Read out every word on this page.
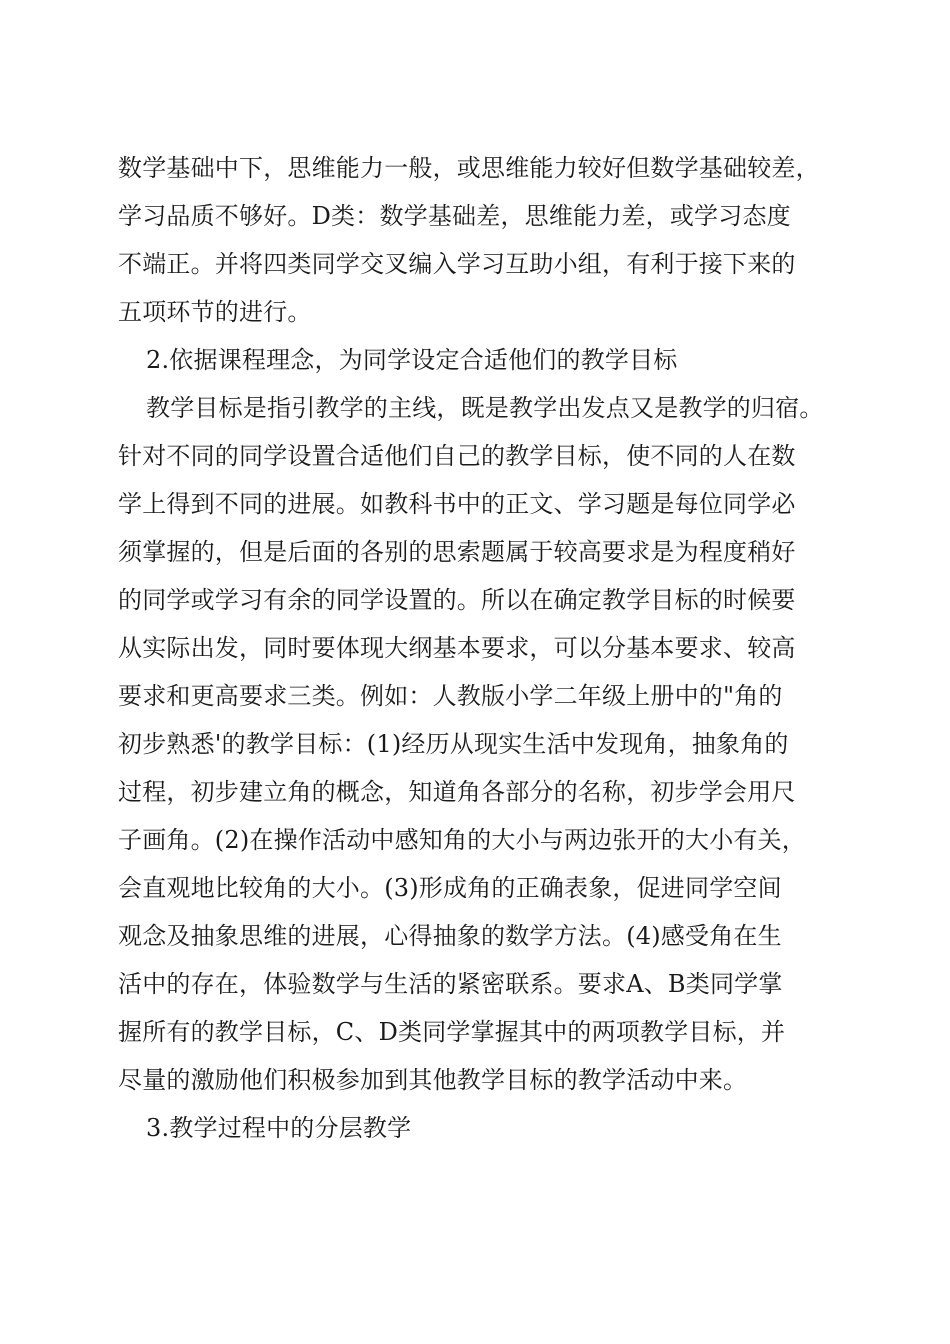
数学基础中下，思维能力一般，或思维能力较好但数学基础较差，
学习品质不够好。D类：数学基础差，思维能力差，或学习态度
不端正。并将四类同学交叉编入学习互助小组，有利于接下来的
五项环节的进行。
2.依据课程理念，为同学设定合适他们的教学目标
教学目标是指引教学的主线，既是教学出发点又是教学的归宿。
针对不同的同学设置合适他们自己的教学目标，使不同的人在数
学上得到不同的进展。如教科书中的正文、学习题是每位同学必
须掌握的，但是后面的各别的思索题属于较高要求是为程度稍好
的同学或学习有余的同学设置的。所以在确定教学目标的时候要
从实际出发，同时要体现大纲基本要求，可以分基本要求、较高
要求和更高要求三类。例如：人教版小学二年级上册中的"角的
初步熟悉'的教学目标：(1)经历从现实生活中发现角，抽象角的
过程，初步建立角的概念，知道角各部分的名称，初步学会用尺
子画角。(2)在操作活动中感知角的大小与两边张开的大小有关，
会直观地比较角的大小。(3)形成角的正确表象，促进同学空间
观念及抽象思维的进展，心得抽象的数学方法。(4)感受角在生
活中的存在，体验数学与生活的紧密联系。要求A、B类同学掌
握所有的教学目标，C、D类同学掌握其中的两项教学目标，并
尽量的激励他们积极参加到其他教学目标的教学活动中来。
3.教学过程中的分层教学
